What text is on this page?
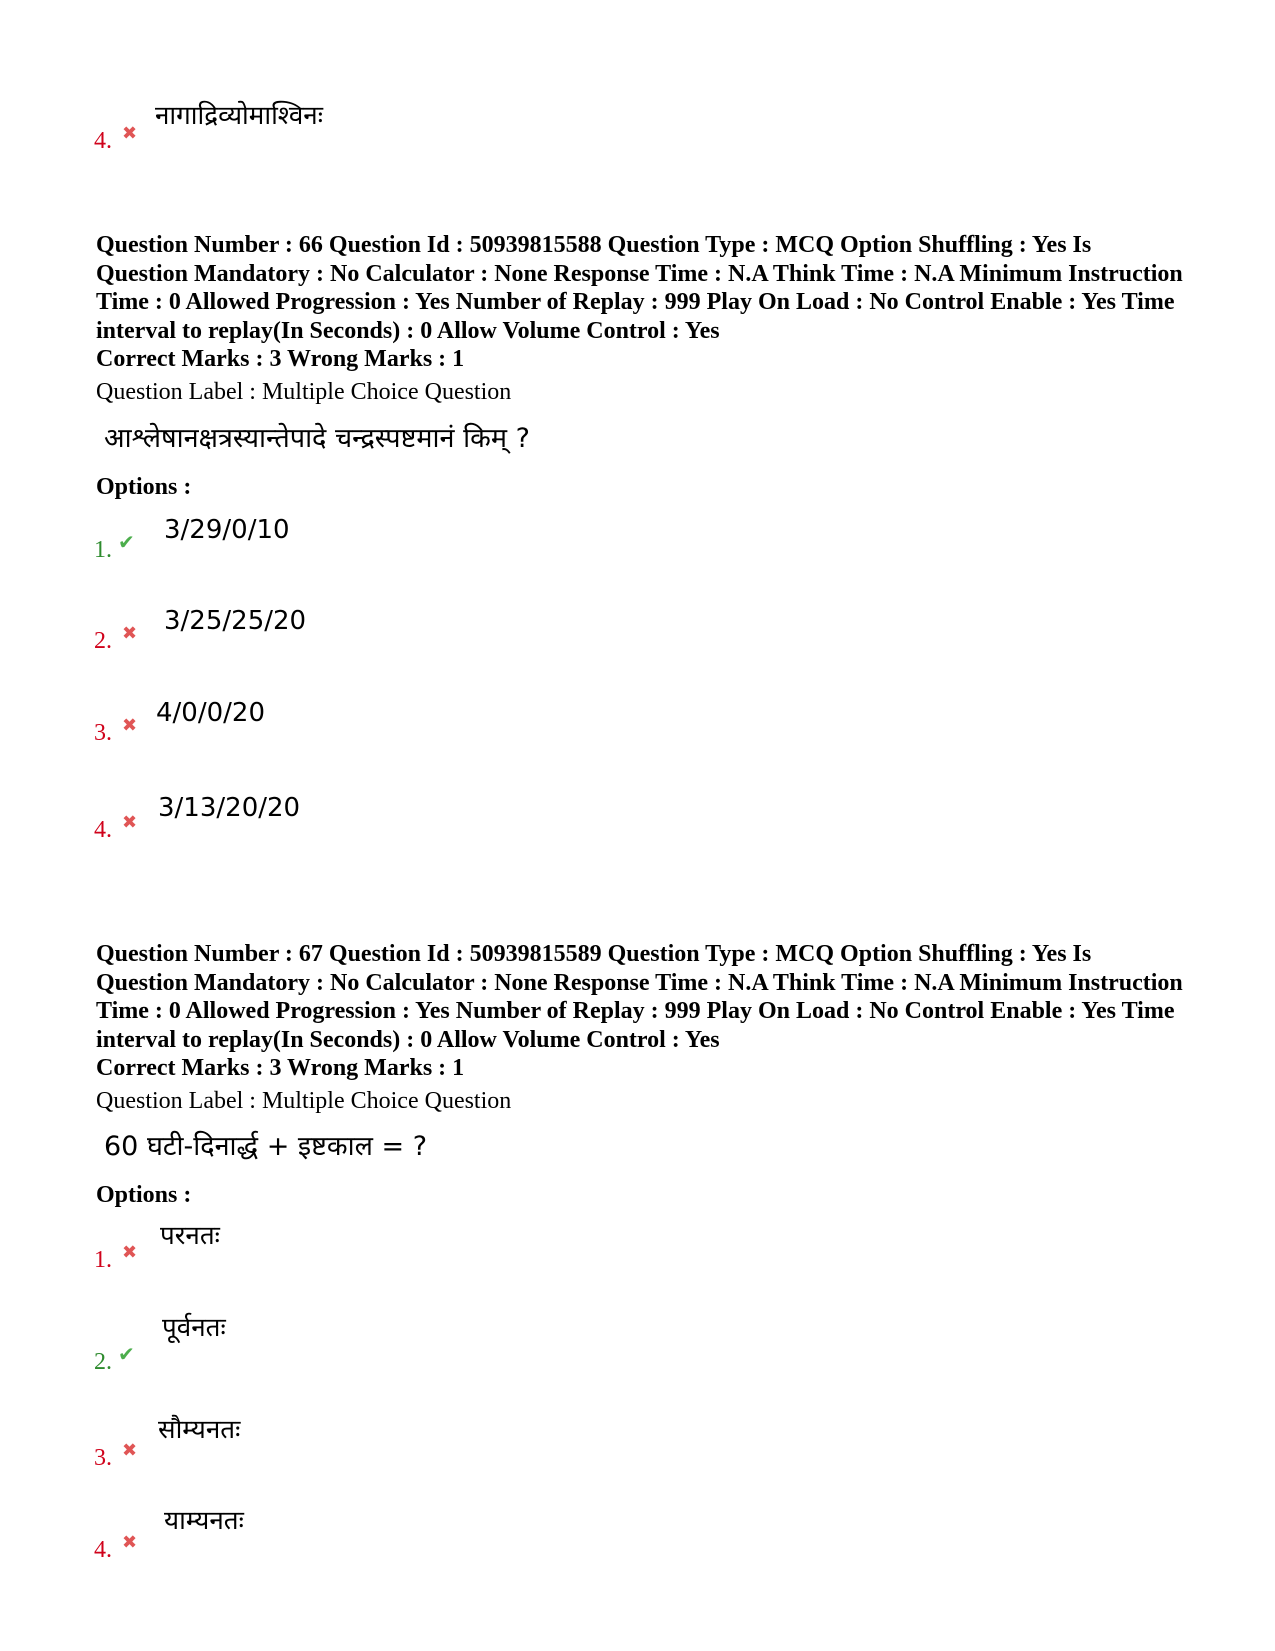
4. ✖
नागाद्रिव्योमाश्विनः
Question Number : 66 Question Id : 50939815588 Question Type : MCQ Option Shuffling : Yes Is Question Mandatory : No Calculator : None Response Time : N.A Think Time : N.A Minimum Instruction Time : 0 Allowed Progression : Yes Number of Replay : 999 Play On Load : No Control Enable : Yes Time interval to replay(In Seconds) : 0 Allow Volume Control : Yes
Correct Marks : 3 Wrong Marks : 1
Question Label : Multiple Choice Question
आश्लेषानक्षत्रस्यान्तेपादे चन्द्रस्पष्टमानं किम् ?
Options :
1. ✔ 3/29/0/10
2. ✖ 3/25/25/20
3. ✖ 4/0/0/20
4. ✖ 3/13/20/20
Question Number : 67 Question Id : 50939815589 Question Type : MCQ Option Shuffling : Yes Is Question Mandatory : No Calculator : None Response Time : N.A Think Time : N.A Minimum Instruction Time : 0 Allowed Progression : Yes Number of Replay : 999 Play On Load : No Control Enable : Yes Time interval to replay(In Seconds) : 0 Allow Volume Control : Yes
Correct Marks : 3 Wrong Marks : 1
Question Label : Multiple Choice Question
60 घटी-दिनार्द्ध + इष्टकाल = ?
Options :
1. ✖
परनतः
2. ✔
पूर्वनतः
3. ✖
सौम्यनतः
4. ✖
याम्यनतः
